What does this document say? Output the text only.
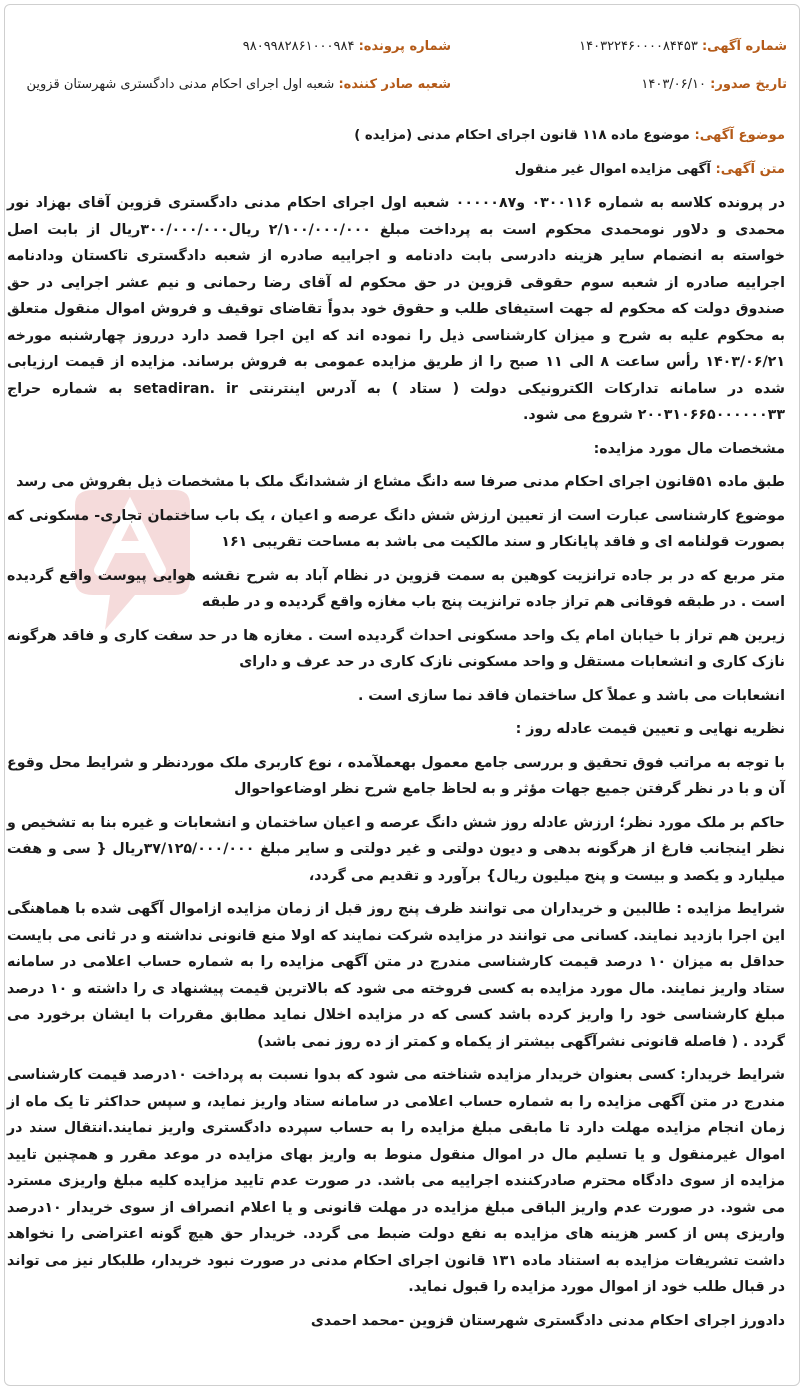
شماره آگهی: ۱۴۰۳۲۲۴۶۰۰۰۰۸۴۴۵۳
شماره پرونده: ۹۸۰۹۹۸۲۸۶۱۰۰۰۹۸۴
تاریخ صدور: ۱۴۰۳/۰۶/۱۰
شعبه صادر کننده: شعبه اول اجرای احکام مدنی دادگستری شهرستان قزوین

موضوع آگهی: موضوع ماده ۱۱۸ قانون اجرای احکام مدنی (مزایده )

متن آگهی: آگهی مزایده اموال غیر منقول

در پرونده کلاسه به شماره ۰۳۰۰۱۱۶ و۰۰۰۰۰۸۷ شعبه اول اجرای احکام مدنی دادگستری قزوین آقای بهزاد نور محمدی و دلاور نومحمدی محکوم است به پرداخت مبلغ ۲/۱۰۰/۰۰۰/۰۰۰ ریال۳۰۰/۰۰۰/۰۰۰ریال از بابت اصل خواسته به انضمام سایر هزینه دادرسی بابت دادنامه و اجراییه صادره از شعبه دادگستری تاکستان ودادنامه اجراییه صادره از شعبه سوم حقوقی قزوین در حق محکوم له آقای رضا رحمانی و نیم عشر اجرایی در حق صندوق دولت که محکوم له جهت استیفای طلب و حقوق خود بدواً تقاضای توقیف و فروش اموال منقول متعلق به محکوم علیه به شرح و میزان کارشناسی ذیل را نموده اند که این اجرا قصد دارد درروز چهارشنبه مورخه ۱۴۰۳/۰۶/۲۱ رأس ساعت ۸ الی ۱۱ صبح را از طریق مزایده عمومی به فروش برساند. مزایده از قیمت ارزیابی شده در سامانه تدارکات الکترونیکی دولت ( ستاد ) به آدرس اینترنتی setadiran. ir به شماره حراج ۲۰۰۳۱۰۶۶۵۰۰۰۰۰۰۳۳ شروع می شود.

مشخصات مال مورد مزایده:

طبق ماده ۵۱قانون اجرای احکام مدنی صرفا سه دانگ مشاع از ششدانگ ملک با مشخصات ذیل بفروش می رسد

موضوع کارشناسی عبارت است از تعیین ارزش شش دانگ عرصه و اعیان ، یک باب ساختمان تجاری- مسکونی که بصورت قولنامه ای و فاقد پایانکار و سند مالکیت می باشد به مساحت تقریبی ۱۶۱

متر مربع که در بر جاده ترانزیت کوهین به سمت قزوین در نظام آباد به شرح نقشه هوایی پیوست واقع گردیده است . در طبقه فوقانی هم تراز جاده ترانزیت پنج باب مغازه واقع گردیده و در طبقه

زیرین هم تراز با خیابان امام یک واحد مسکونی احداث گردیده است . مغازه ها در حد سفت کاری و فاقد هرگونه نازک کاری و انشعابات مستقل و واحد مسکونی نازک کاری در حد عرف و دارای

انشعابات می باشد و عملاً کل ساختمان فاقد نما سازی است .

نظریه نهایی و تعیین قیمت عادله روز :

با توجه به مراتب فوق تحقیق و بررسی جامع معمول بهعملآمده ، نوع کاربری ملک موردنظر و شرایط محل وقوع آن و با در نظر گرفتن جمیع جهات مؤثر و به لحاظ جامع شرح نظر اوضاعواحوال

حاکم بر ملک مورد نظر؛ ارزش عادله روز شش دانگ عرصه و اعیان ساختمان و انشعابات و غیره بنا به تشخیص و نظر اینجانب فارغ از هرگونه بدهی و دیون دولتی و غیر دولتی و سایر مبلغ ۳۷/۱۲۵/۰۰۰/۰۰۰ریال { سی و هفت میلیارد و یکصد و بیست و پنج میلیون ریال} برآورد و تقدیم می گردد،

شرایط مزایده : طالبین و خریداران می توانند ظرف پنج روز قبل از زمان مزایده ازاموال آگهی شده با هماهنگی این اجرا بازدید نمایند. کسانی می توانند در مزایده شرکت نمایند که اولا منع قانونی نداشته و در ثانی می بایست حداقل به میزان ۱۰ درصد قیمت کارشناسی مندرج در متن آگهی مزایده را به شماره حساب اعلامی در سامانه ستاد واریز نمایند. مال مورد مزایده به کسی فروخته می شود که بالاترین قیمت پیشنهاد ی را داشته و ۱۰ درصد مبلغ کارشناسی خود را واریز کرده باشد کسی که در مزایده اخلال نماید مطابق مقررات با ایشان برخورد می گردد . ( فاصله قانونی نشرآگهی بیشتر از یکماه و کمتر از ده روز نمی باشد)

شرایط خریدار: کسی بعنوان خریدار مزایده شناخته می شود که بدوا نسبت به پرداخت ۱۰درصد قیمت کارشناسی مندرج در متن آگهی مزایده را به شماره حساب اعلامی در سامانه ستاد واریز نماید، و سپس حداکثر تا یک ماه از زمان انجام مزایده مهلت دارد تا مابقی مبلغ مزایده را به حساب سپرده دادگستری واریز نمایند.انتقال سند در اموال غیرمنقول و یا تسلیم مال در اموال منقول منوط به واریز بهای مزایده در موعد مقرر و همچنین تایید مزایده از سوی دادگاه محترم صادرکننده اجراییه می باشد. در صورت عدم تایید مزایده کلیه مبلغ واریزی مسترد می شود. در صورت عدم واریز الباقی مبلغ مزایده در مهلت قانونی و یا اعلام انصراف از سوی خریدار ۱۰درصد واریزی پس از کسر هزینه های مزایده به نفع دولت ضبط می گردد. خریدار حق هیچ گونه اعتراضی را نخواهد داشت تشریفات مزایده به استناد ماده ۱۳۱ قانون اجرای احکام مدنی در صورت نبود خریدار، طلبکار نیز می تواند در قبال طلب خود از اموال مورد مزایده را قبول نماید.

دادورز اجرای احکام مدنی دادگستری شهرستان قزوین -محمد احمدی
